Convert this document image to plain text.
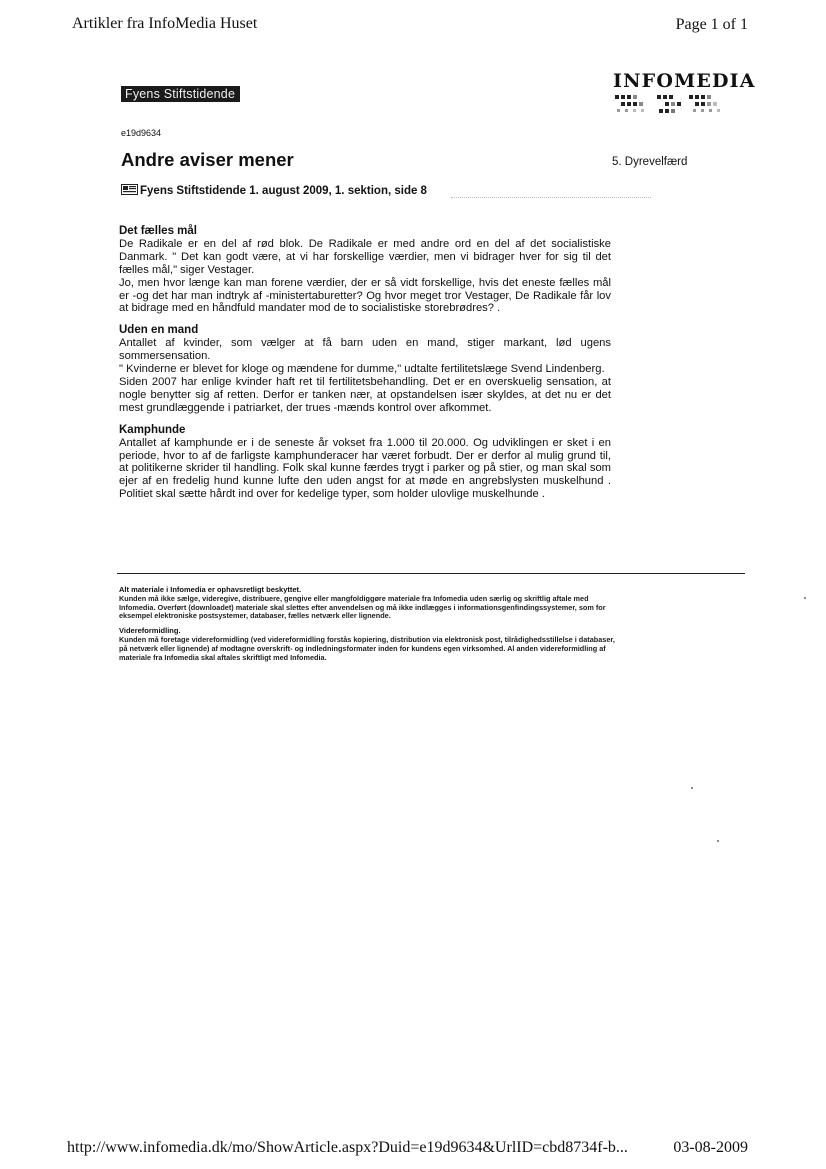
Artikler fra InfoMedia Huset	Page 1 of 1
Fyens Stiftstidende
INFOMEDIA
e19d9634
Andre aviser mener	5. Dyrevelfærd
Fyens Stiftstidende 1. august 2009, 1. sektion, side 8
Det fælles mål

De Radikale er en del af rød blok. De Radikale er med andre ord en del af det socialistiske Danmark. " Det kan godt være, at vi har forskellige værdier, men vi bidrager hver for sig til det fælles mål," siger Vestager.

Jo, men hvor længe kan man forene værdier, der er så vidt forskellige, hvis det eneste fælles mål er -og det har man indtryk af -ministertaburetter? Og hvor meget tror Vestager, De Radikale får lov at bidrage med en håndfuld mandater mod de to socialistiske storebrødres? .

Uden en mand

Antallet af kvinder, som vælger at få barn uden en mand, stiger markant, lød ugens sommersensation.

" Kvinderne er blevet for kloge og mændene for dumme," udtalte fertilitetslæge Svend Lindenberg.

Siden 2007 har enlige kvinder haft ret til fertilitetsbehandling. Det er en overskuelig sensation, at nogle benytter sig af retten. Derfor er tanken nær, at opstandelsen især skyldes, at det nu er det mest grundlæggende i patriarket, der trues -mænds kontrol over afkommet.

Kamphunde

Antallet af kamphunde er i de seneste år vokset fra 1.000 til 20.000. Og udviklingen er sket i en periode, hvor to af de farligste kamphunderacer har været forbudt. Der er derfor al mulig grund til, at politikerne skrider til handling. Folk skal kunne færdes trygt i parker og på stier, og man skal som ejer af en fredelig hund kunne lufte den uden angst for at møde en angrebslysten muskelhund . Politiet skal sætte hårdt ind over for kedelige typer, som holder ulovlige muskelhunde .

Alt materiale i Infomedia er ophavsretligt beskyttet.

Kunden må ikke sælge, videregive, distribuere, gengive eller mangfoldiggøre materiale fra Infomedia uden særlig og skriftlig aftale med Infomedia. Overført (downloadet) materiale skal slettes efter anvendelsen og må ikke indlægges i informationsgenfindingssystemer, som for eksempel elektroniske postsystemer, databaser, fælles netværk eller lignende.

Videreformidling.

Kunden må foretage videreformidling (ved videreformidling forstås kopiering, distribution via elektronisk post, tilrådighedsstillelse i databaser, på netværk eller lignende) af modtagne overskrift- og indledningsformater inden for kundens egen virksomhed. Al anden videreformidling af materiale fra Infomedia skal aftales skriftligt med Infomedia.

http://www.infomedia.dk/mo/ShowArticle.aspx?Duid=e19d9634&UrlID=cbd8734f-b...	03-08-2009
